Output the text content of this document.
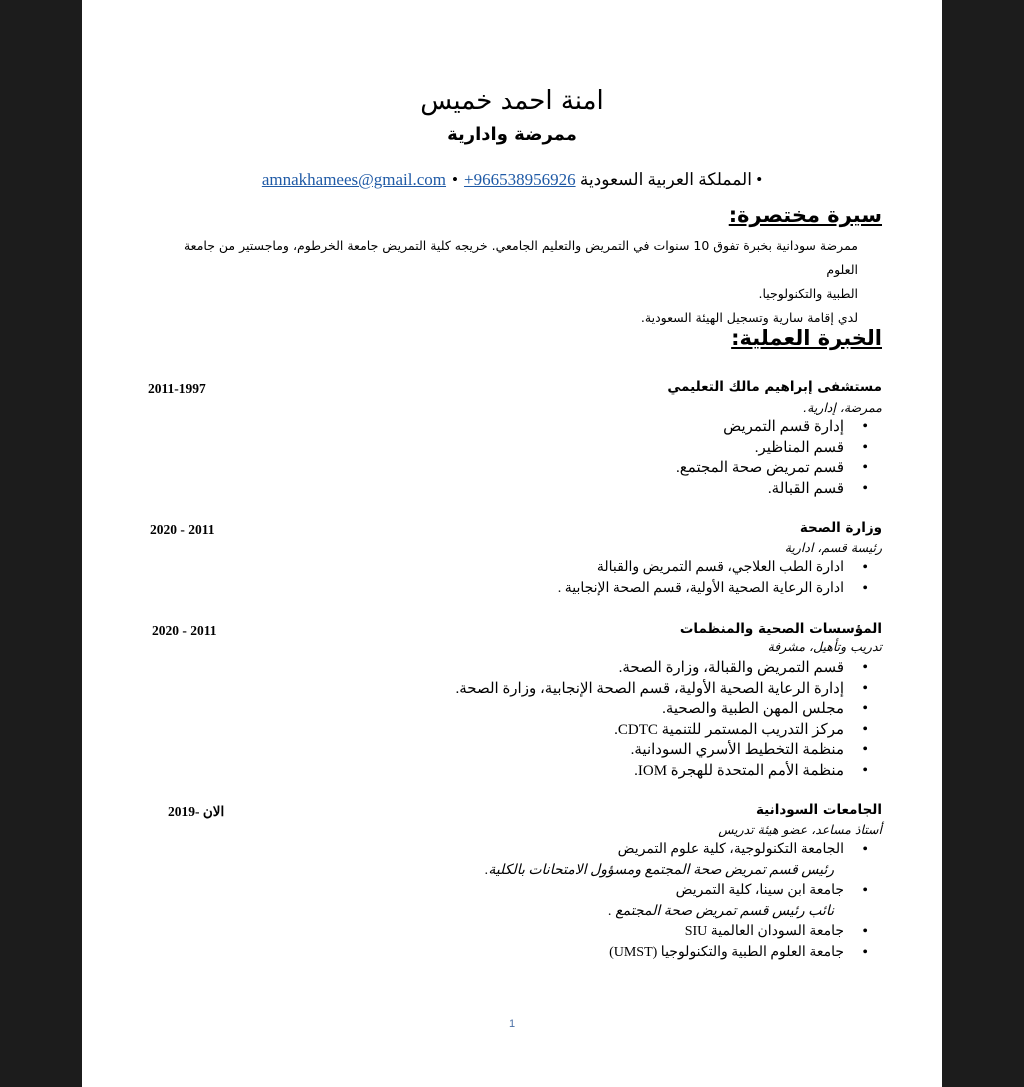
امنة احمد خميس
ممرضة وادارية
• المملكة العربية السعودية amnakhamees@gmail.com • +966538956926
سيرة مختصرة:
ممرضة سودانية بخبرة تفوق 10 سنوات في التمريض والتعليم الجامعي. خريجه كلية التمريض جامعة الخرطوم، وماجستير من جامعة العلوم
الطبية والتكنولوجيا.
لدي إقامة سارية وتسجيل الهيئة السعودية.
الخبرة العملية:
مستشفى إبراهيم مالك التعليمي
2011-1997
ممرضة، إدارية.
• إدارة قسم التمريض
• قسم المناظير.
• قسم تمريض صحة المجتمع.
• قسم القبالة.
وزارة الصحة
2020 - 2011
رئيسة قسم، ادارية
• ادارة الطب العلاجي، قسم التمريض والقبالة
• ادارة الرعاية الصحية الأولية، قسم الصحة الإنجابية .
المؤسسات الصحية والمنظمات
2020 - 2011
تدريب وتأهيل، مشرفة
• قسم التمريض والقبالة، وزارة الصحة.
• إدارة الرعاية الصحية الأولية، قسم الصحة الإنجابية، وزارة الصحة.
• مجلس المهن الطبية والصحية.
• مركز التدريب المستمر للتنمية CDTC.
• منظمة التخطيط الأسري السودانية.
• منظمة الأمم المتحدة للهجرة IOM.
الجامعات السودانية
2019- الان
أستاذ مساعد، عضو هيئة تدريس
• الجامعة التكنولوجية، كلية علوم التمريض
رئيس قسم تمريض صحة المجتمع ومسؤول الامتحانات بالكلية.
• جامعة ابن سينا، كلية التمريض
نائب رئيس قسم تمريض صحة المجتمع .
• جامعة السودان العالمية SIU
• جامعة العلوم الطبية والتكنولوجيا (UMST)
1
